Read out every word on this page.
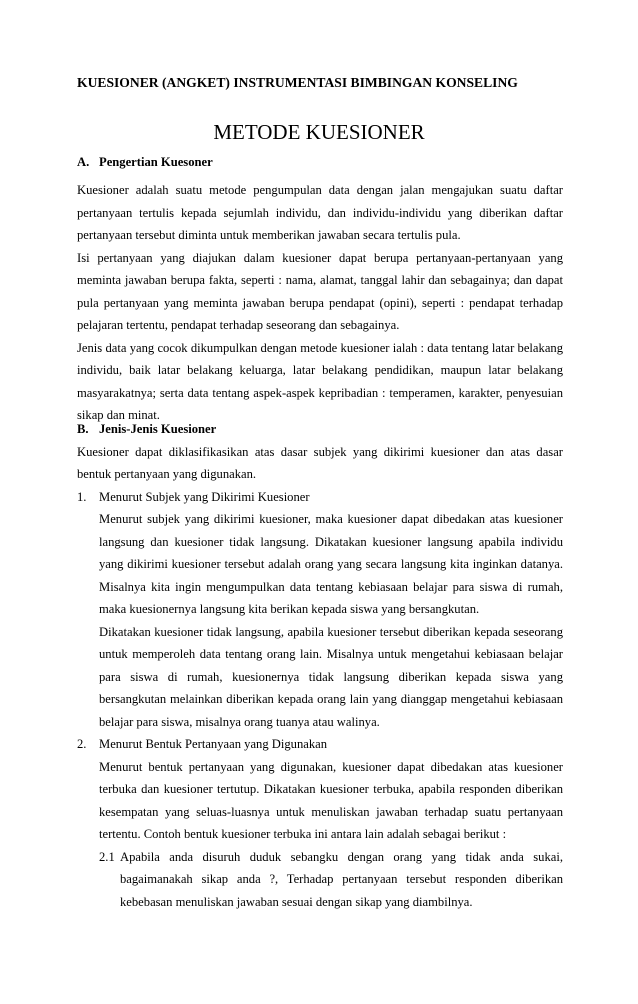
KUESIONER (ANGKET) INSTRUMENTASI BIMBINGAN KONSELING
METODE KUESIONER

A. Pengertian Kuesoner

Kuesioner adalah suatu metode pengumpulan data dengan jalan mengajukan suatu daftar pertanyaan tertulis kepada sejumlah individu, dan individu-individu yang diberikan daftar pertanyaan tersebut diminta untuk memberikan jawaban secara tertulis pula.

Isi pertanyaan yang diajukan dalam kuesioner dapat berupa pertanyaan-pertanyaan yang meminta jawaban berupa fakta, seperti : nama, alamat, tanggal lahir dan sebagainya; dan dapat pula pertanyaan yang meminta jawaban berupa pendapat (opini), seperti : pendapat terhadap pelajaran tertentu, pendapat terhadap seseorang dan sebagainya.

Jenis data yang cocok dikumpulkan dengan metode kuesioner ialah : data tentang latar belakang individu, baik latar belakang keluarga, latar belakang pendidikan, maupun latar belakang masyarakatnya; serta data tentang aspek-aspek kepribadian : temperamen, karakter, penyesuian sikap dan minat.

B. Jenis-Jenis Kuesioner

Kuesioner dapat diklasifikasikan atas dasar subjek yang dikirimi kuesioner dan atas dasar bentuk pertanyaan yang digunakan.

1. Menurut Subjek yang Dikirimi Kuesioner

Menurut subjek yang dikirimi kuesioner, maka kuesioner dapat dibedakan atas kuesioner langsung dan kuesioner tidak langsung. Dikatakan kuesioner langsung apabila individu yang dikirimi kuesioner tersebut adalah orang yang secara langsung kita inginkan datanya. Misalnya kita ingin mengumpulkan data tentang kebiasaan belajar para siswa di rumah, maka kuesionernya langsung kita berikan kepada siswa yang bersangkutan.

Dikatakan kuesioner tidak langsung, apabila kuesioner tersebut diberikan kepada seseorang untuk memperoleh data tentang orang lain. Misalnya untuk mengetahui kebiasaan belajar para siswa di rumah, kuesionernya tidak langsung diberikan kepada siswa yang bersangkutan melainkan diberikan kepada orang lain yang dianggap mengetahui kebiasaan belajar para siswa, misalnya orang tuanya atau walinya.

2. Menurut Bentuk Pertanyaan yang Digunakan

Menurut bentuk pertanyaan yang digunakan, kuesioner dapat dibedakan atas kuesioner terbuka dan kuesioner tertutup. Dikatakan kuesioner terbuka, apabila responden diberikan kesempatan yang seluas-luasnya untuk menuliskan jawaban terhadap suatu pertanyaan tertentu. Contoh bentuk kuesioner terbuka ini antara lain adalah sebagai berikut :

2.1 Apabila anda disuruh duduk sebangku dengan orang yang tidak anda sukai, bagaimanakah sikap anda ?, Terhadap pertanyaan tersebut responden diberikan kebebasan menuliskan jawaban sesuai dengan sikap yang diambilnya.
